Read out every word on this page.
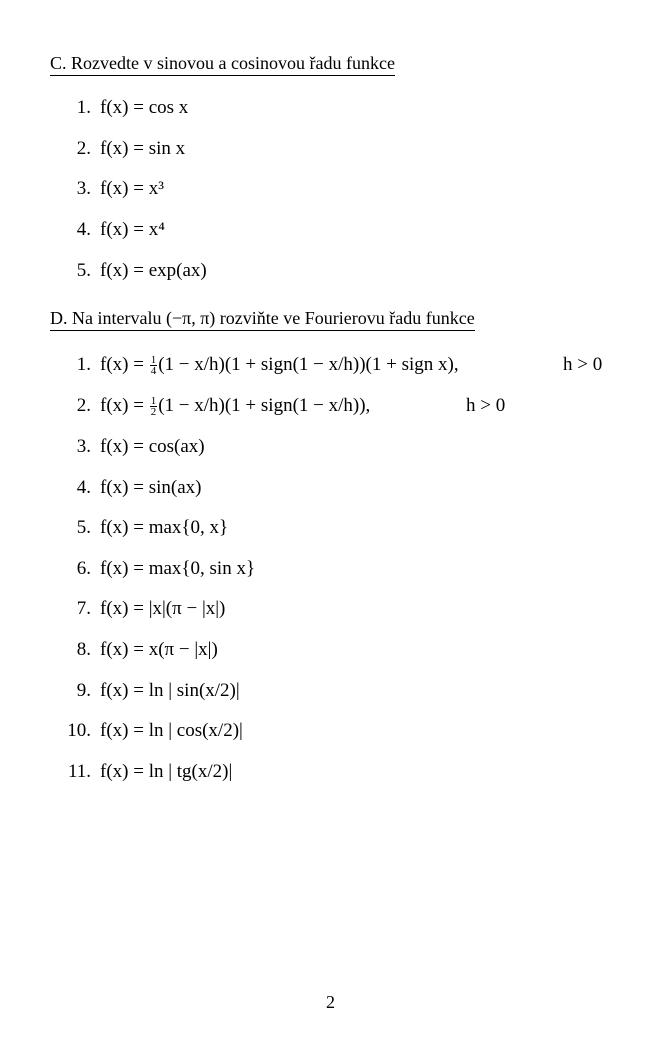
C. Rozvedte v sinovou a cosinovou řadu funkce
1. f(x) = cos x
2. f(x) = sin x
3. f(x) = x³
4. f(x) = x⁴
5. f(x) = exp(ax)
D. Na intervalu (−π, π) rozviňte ve Fourierovu řadu funkce
1. $f(x) = \frac{1}{4} (1 - x/h)(1$ + sign(1 − x/h))(1 + sign x),	h > 0
2. $f(x) = \frac{1}{2} (1 - x/h)(1$ + sign(1 − x/h)),	h > 0
3. f(x) = cos(ax)
4. f(x) = sin(ax)
5. f(x) = max{0, x}
6. f(x) = max{0, sin x}
7. f(x) = |x|(π − |x|)
8. f(x) = x(π − |x|)
9. f(x) = ln | sin(x/2)|
10. f(x) = ln | cos(x/2)|
11. f(x) = ln | tg(x/2)|
2
